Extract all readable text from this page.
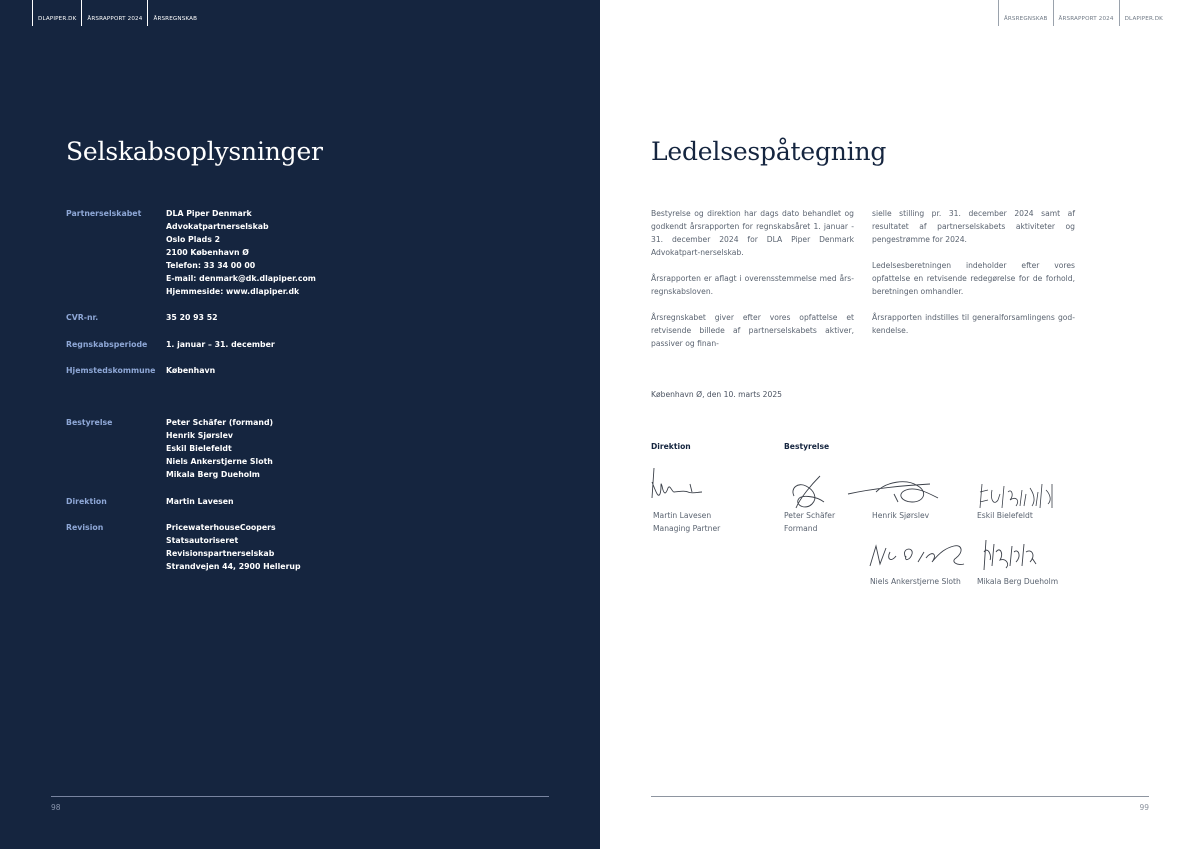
DLAPIPER.DK	ÅRSRAPPORT 2024	ÅRSREGNSKAB
Selskabsoplysninger
Partnerselskabet	DLA Piper Denmark
Advokatpartnerselskab
Oslo Plads 2
2100 København Ø
Telefon: 33 34 00 00
E-mail: denmark@dk.dlapiper.com
Hjemmeside: www.dlapiper.dk
CVR-nr.	35 20 93 52
Regnskabsperiode	1. januar – 31. december
Hjemstedskommune	København
Bestyrelse	Peter Schäfer (formand)
Henrik Sjørslev
Eskil Bielefeldt
Niels Ankerstjerne Sloth
Mikala Berg Dueholm
Direktion	Martin Lavesen
Revision	PricewaterhouseCoopers
Statsautoriseret
Revisionspartnerselskab
Strandvejen 44, 2900 Hellerup
98
ÅRSREGNSKAB	ÅRSRAPPORT 2024	DLAPIPER.DK
Ledelsespåtegning

Bestyrelse og direktion har dags dato behandlet og godkendt årsrapporten for regnskabsåret 1. januar - 31. december 2024 for DLA Piper Denmark Advokatpart-nerselskab.

Årsrapporten er aflagt i overensstemmelse med års-regnskabsloven.

Årsregnskabet giver efter vores opfattelse et retvisende billede af partnerselskabets aktiver, passiver og finan-

sielle stilling pr. 31. december 2024 samt af resultatet af partnerselskabets aktiviteter og pengestrømme for 2024.

Ledelsesberetningen indeholder efter vores opfattelse en retvisende redegørelse for de forhold, beretningen omhandler.

Årsrapporten indstilles til generalforsamlingens god-kendelse.

København Ø, den 10. marts 2025
Direktion	Bestyrelse
Martin Lavesen
Managing Partner
Peter Schäfer
Formand
Henrik Sjørslev	Eskil Bielefeldt
Niels Ankerstjerne Sloth Mikala Berg Dueholm
99
